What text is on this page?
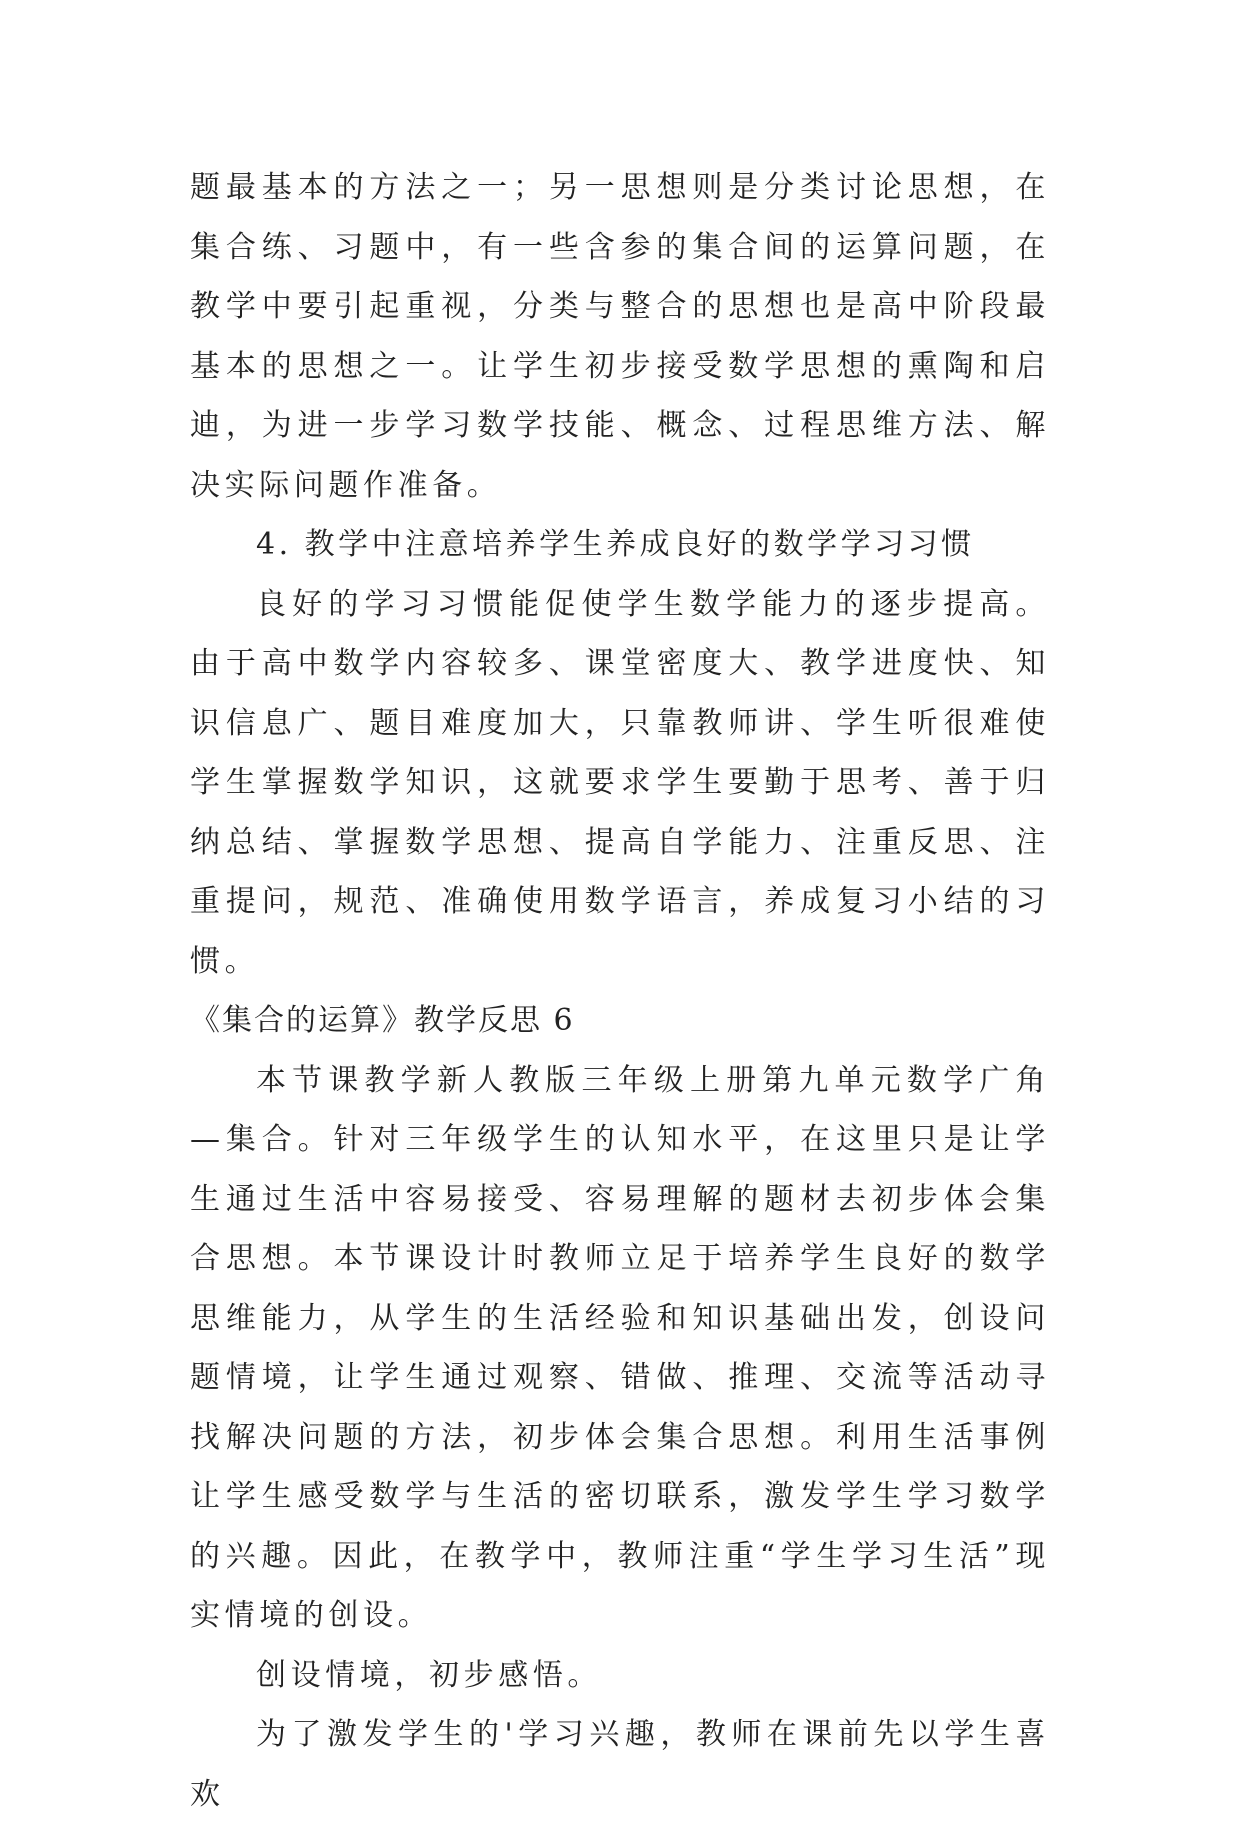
题最基本的方法之一；另一思想则是分类讨论思想，在集合练、习题中，有一些含参的集合间的运算问题，在教学中要引起重视，分类与整合的思想也是高中阶段最基本的思想之一。让学生初步接受数学思想的熏陶和启迪，为进一步学习数学技能、概念、过程思维方法、解决实际问题作准备。

4. 教学中注意培养学生养成良好的数学学习习惯

良好的学习习惯能促使学生数学能力的逐步提高。由于高中数学内容较多、课堂密度大、教学进度快、知识信息广、题目难度加大，只靠教师讲、学生听很难使学生掌握数学知识，这就要求学生要勤于思考、善于归纳总结、掌握数学思想、提高自学能力、注重反思、注重提问，规范、准确使用数学语言，养成复习小结的习惯。

《集合的运算》教学反思 6

本节课教学新人教版三年级上册第九单元数学广角—集合。针对三年级学生的认知水平，在这里只是让学生通过生活中容易接受、容易理解的题材去初步体会集合思想。本节课设计时教师立足于培养学生良好的数学思维能力，从学生的生活经验和知识基础出发，创设问题情境，让学生通过观察、错做、推理、交流等活动寻找解决问题的方法，初步体会集合思想。利用生活事例让学生感受数学与生活的密切联系，激发学生学习数学的兴趣。因此，在教学中，教师注重“学生学习生活”现实情境的创设。

创设情境，初步感悟。

为了激发学生的'学习兴趣，教师在课前先以学生喜欢
